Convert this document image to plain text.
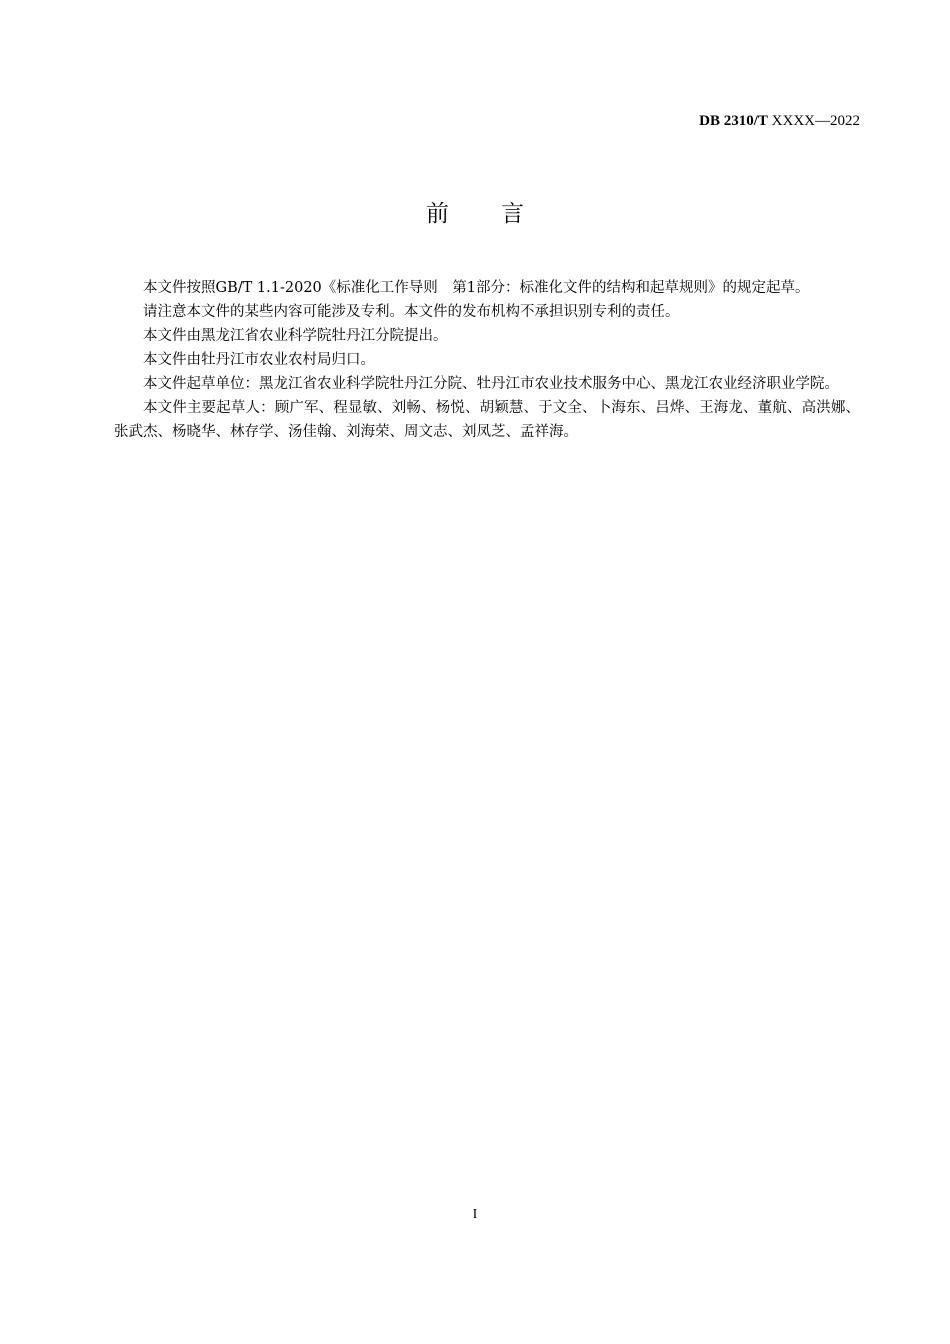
DB 2310/T XXXX—2022
前 言

本文件按照GB/T 1.1-2020《标准化工作导则　第1部分：标准化文件的结构和起草规则》的规定起草。

请注意本文件的某些内容可能涉及专利。本文件的发布机构不承担识别专利的责任。

本文件由黑龙江省农业科学院牡丹江分院提出。

本文件由牡丹江市农业农村局归口。

本文件起草单位：黑龙江省农业科学院牡丹江分院、牡丹江市农业技术服务中心、黑龙江农业经济职业学院。

本文件主要起草人：顾广军、程显敏、刘畅、杨悦、胡颖慧、于文全、卜海东、吕烨、王海龙、董航、高洪娜、张武杰、杨晓华、林存学、汤佳翰、刘海荣、周文志、刘凤芝、孟祥海。

I
